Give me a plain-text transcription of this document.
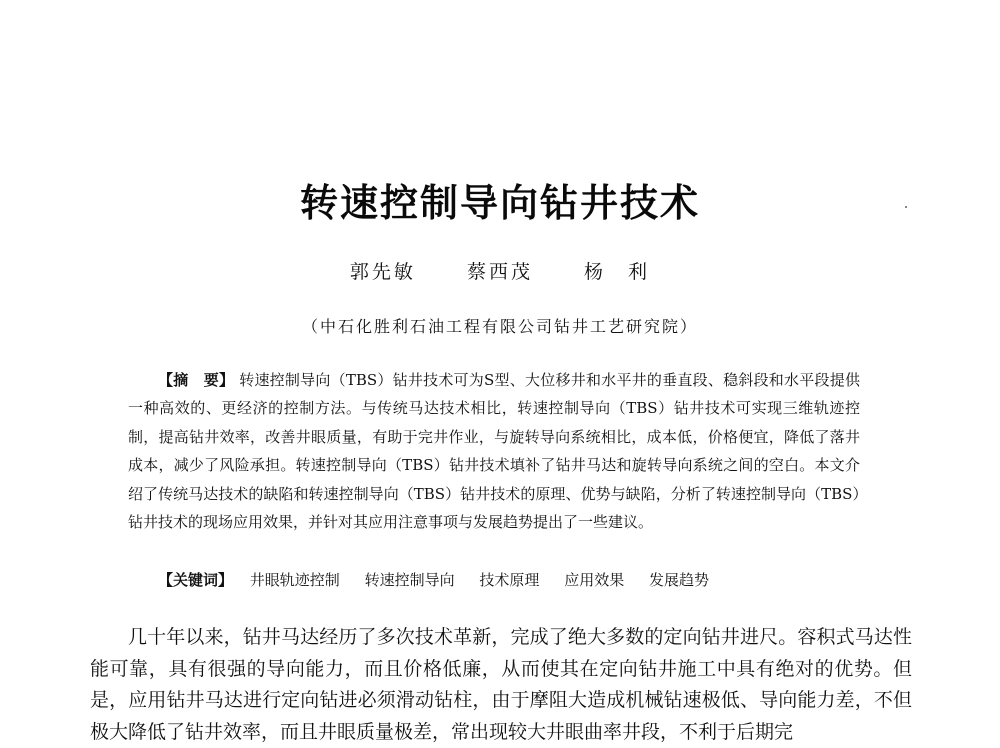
转速控制导向钻井技术
郭先敏	蔡西茂	杨　利
（中石化胜利石油工程有限公司钻井工艺研究院）

【摘　要】 转速控制导向（TBS）钻井技术可为S型、大位移井和水平井的垂直段、稳斜段和水平段提供一种高效的、更经济的控制方法。与传统马达技术相比，转速控制导向（TBS）钻井技术可实现三维轨迹控制，提高钻井效率，改善井眼质量，有助于完井作业，与旋转导向系统相比，成本低，价格便宜，降低了落井成本，减少了风险承担。转速控制导向（TBS）钻井技术填补了钻井马达和旋转导向系统之间的空白。本文介绍了传统马达技术的缺陷和转速控制导向（TBS）钻井技术的原理、优势与缺陷，分析了转速控制导向（TBS）钻井技术的现场应用效果，并针对其应用注意事项与发展趋势提出了一些建议。

【关键词】 井眼轨迹控制 转速控制导向 技术原理 应用效果 发展趋势

几十年以来，钻井马达经历了多次技术革新，完成了绝大多数的定向钻井进尺。容积式马达性能可靠，具有很强的导向能力，而且价格低廉，从而使其在定向钻井施工中具有绝对的优势。但是，应用钻井马达进行定向钻进必须滑动钻柱，由于摩阻大造成机械钻速极低、导向能力差，不但极大降低了钻井效率，而且井眼质量极差，常出现较大井眼曲率井段，不利于后期完
